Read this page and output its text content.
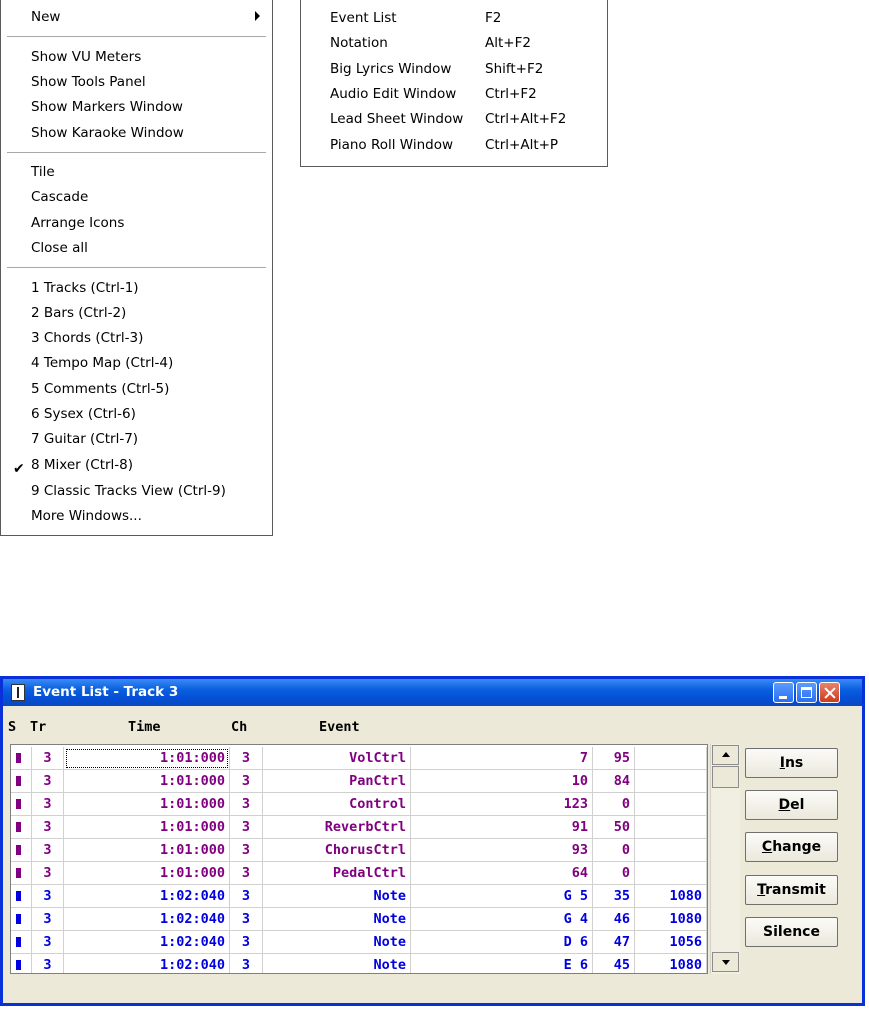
New
Show VU Meters
Show Tools Panel
Show Markers Window
Show Karaoke Window
Tile
Cascade
Arrange Icons
Close all
1 Tracks (Ctrl-1)
2 Bars (Ctrl-2)
3 Chords (Ctrl-3)
4 Tempo Map (Ctrl-4)
5 Comments (Ctrl-5)
6 Sysex (Ctrl-6)
7 Guitar (Ctrl-7)
✔ 8 Mixer (Ctrl-8)
9 Classic Tracks View (Ctrl-9)
More Windows...
Event List	F2
Notation	Alt+F2
Big Lyrics Window Shift+F2
Audio Edit Window Ctrl+F2
Lead Sheet Window Ctrl+Alt+F2
Piano Roll Window Ctrl+Alt+P
Event List - Track 3
S Tr	Time	Ch	Event
3	1:01:000	3	VolCtrl	7	95
3	1:01:000	3	PanCtrl	10	84
3	1:01:000	3	Control	123	0
3	1:01:000	3	ReverbCtrl	91	50
3	1:01:000	3	ChorusCtrl	93	0
3	1:01:000	3	PedalCtrl	64	0
3	1:02:040	3	Note	G 5	35	1080
3	1:02:040	3	Note	G 4	46	1080
3	1:02:040	3	Note	D 6	47	1056
3	1:02:040	3	Note	E 6	45	1080
Ins
Del
Change
Transmit
Silence
